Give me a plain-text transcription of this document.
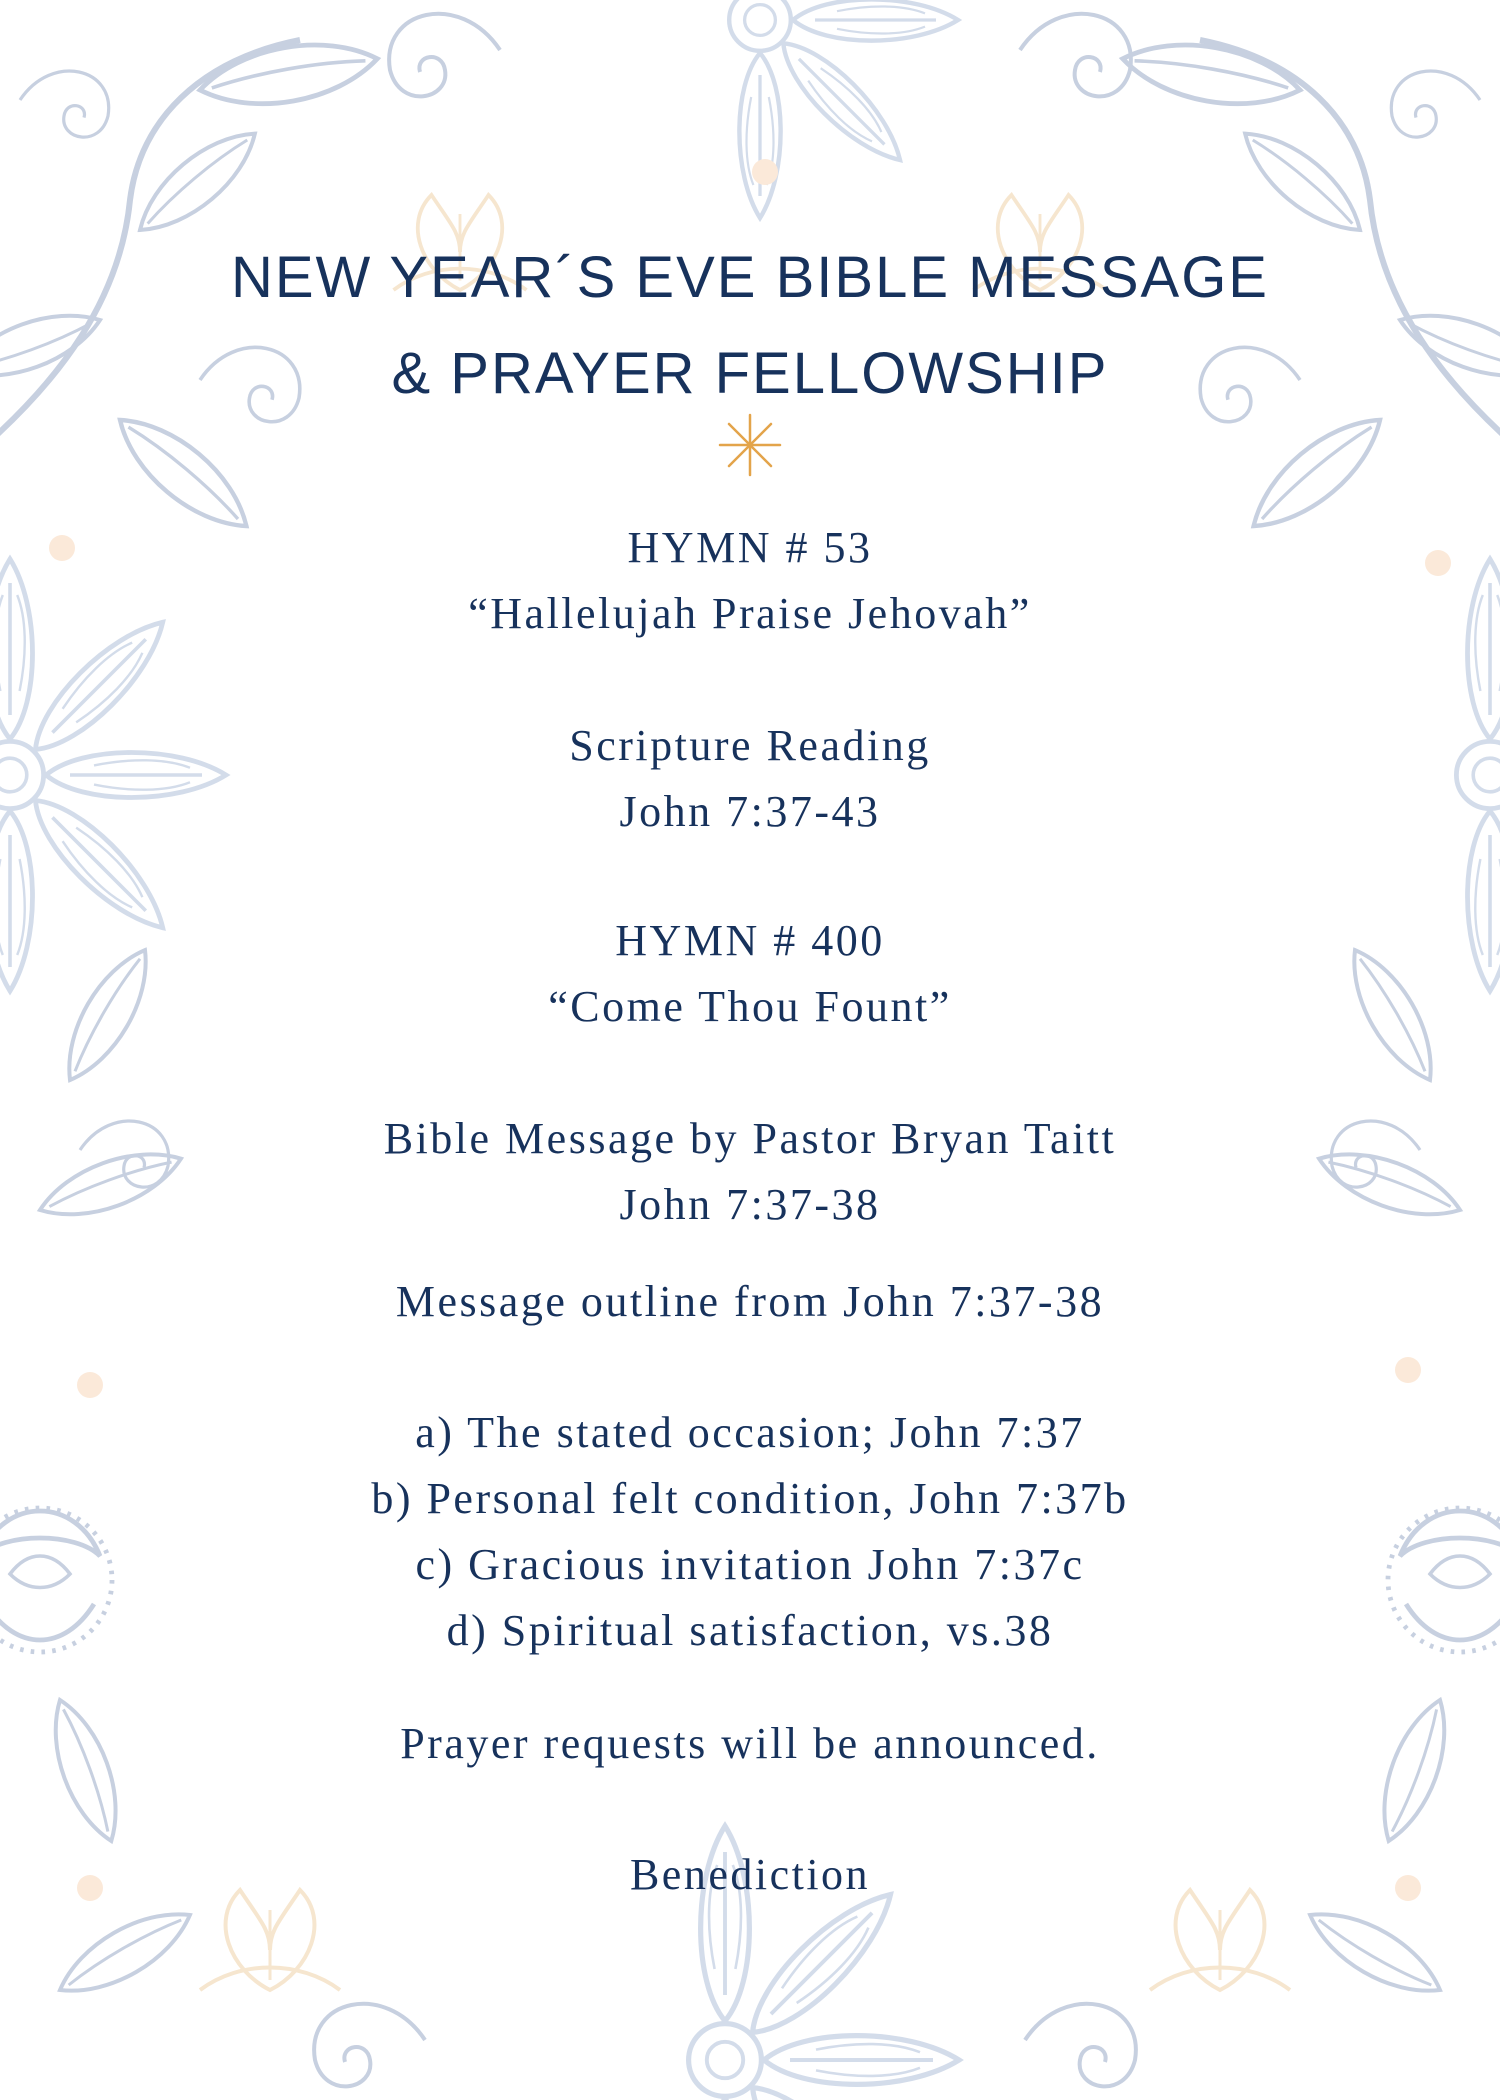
NEW YEAR´S EVE BIBLE MESSAGE
& PRAYER FELLOWSHIP
HYMN # 53
“Hallelujah Praise Jehovah”
Scripture Reading
John 7:37-43
HYMN # 400
“Come Thou Fount”
Bible Message by Pastor Bryan Taitt
John 7:37-38
Message outline from John 7:37-38
a) The stated occasion; John 7:37
b) Personal felt condition, John 7:37b
c) Gracious invitation John 7:37c
d) Spiritual satisfaction, vs.38
Prayer requests will be announced.
Benediction
